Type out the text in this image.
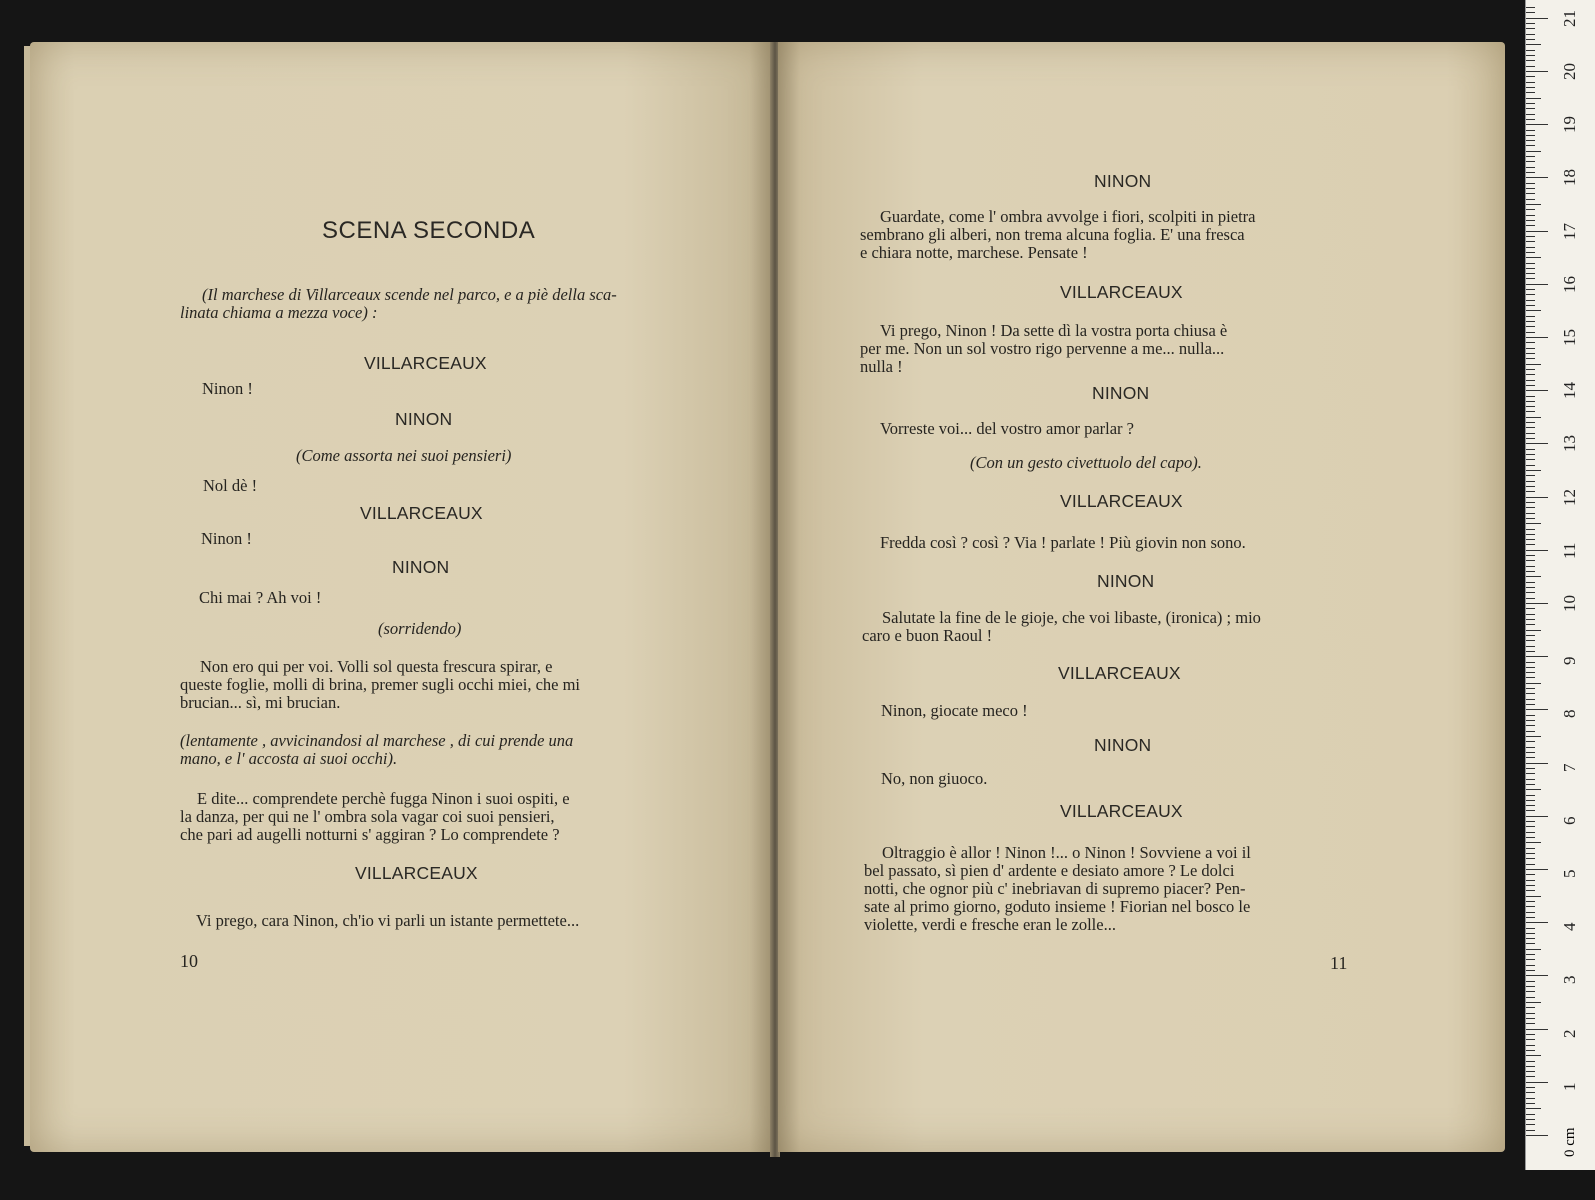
SCENA SECONDA
(Il marchese di Villarceaux scende nel parco, e a piè della sca-
linata chiama a mezza voce) :
VILLARCEAUX
Ninon !
NINON
(Come assorta nei suoi pensieri)
Nol dè !
VILLARCEAUX
Ninon !
NINON
Chi mai ? Ah voi !
(sorridendo)
Non ero qui per voi. Volli sol questa frescura spirar, e
queste foglie, molli di brina, premer sugli occhi miei, che mi
brucian... sì, mi brucian.
(lentamente , avvicinandosi al marchese , di cui prende una
mano, e l' accosta ai suoi occhi).
E dite... comprendete perchè fugga Ninon i suoi ospiti, e
la danza, per qui ne l' ombra sola vagar coi suoi pensieri,
che pari ad augelli notturni s' aggiran ? Lo comprendete ?
VILLARCEAUX
Vi prego, cara Ninon, ch'io vi parli un istante permettete...
10
NINON
Guardate, come l' ombra avvolge i fiori, scolpiti in pietra
sembrano gli alberi, non trema alcuna foglia. E' una fresca
e chiara notte, marchese. Pensate !
VILLARCEAUX
Vi prego, Ninon ! Da sette dì la vostra porta chiusa è
per me. Non un sol vostro rigo pervenne a me... nulla...
nulla !
NINON
Vorreste voi... del vostro amor parlar ?
(Con un gesto civettuolo del capo).
VILLARCEAUX
Fredda così ? così ? Via ! parlate ! Più giovin non sono.
NINON
Salutate la fine de le gioje, che voi libaste, (ironica) ; mio
caro e buon Raoul !
VILLARCEAUX
Ninon, giocate meco !
NINON
No, non giuoco.
VILLARCEAUX
Oltraggio è allor ! Ninon !... o Ninon ! Sovviene a voi il
bel passato, sì pien d' ardente e desiato amore ? Le dolci
notti, che ognor più c' inebriavan di supremo piacer? Pen-
sate al primo giorno, goduto insieme ! Fiorian nel bosco le
violette, verdi e fresche eran le zolle...
11
0 cm
1
2
3
4
5
6
7
8
9
10
11
12
13
14
15
16
17
18
19
20
21
